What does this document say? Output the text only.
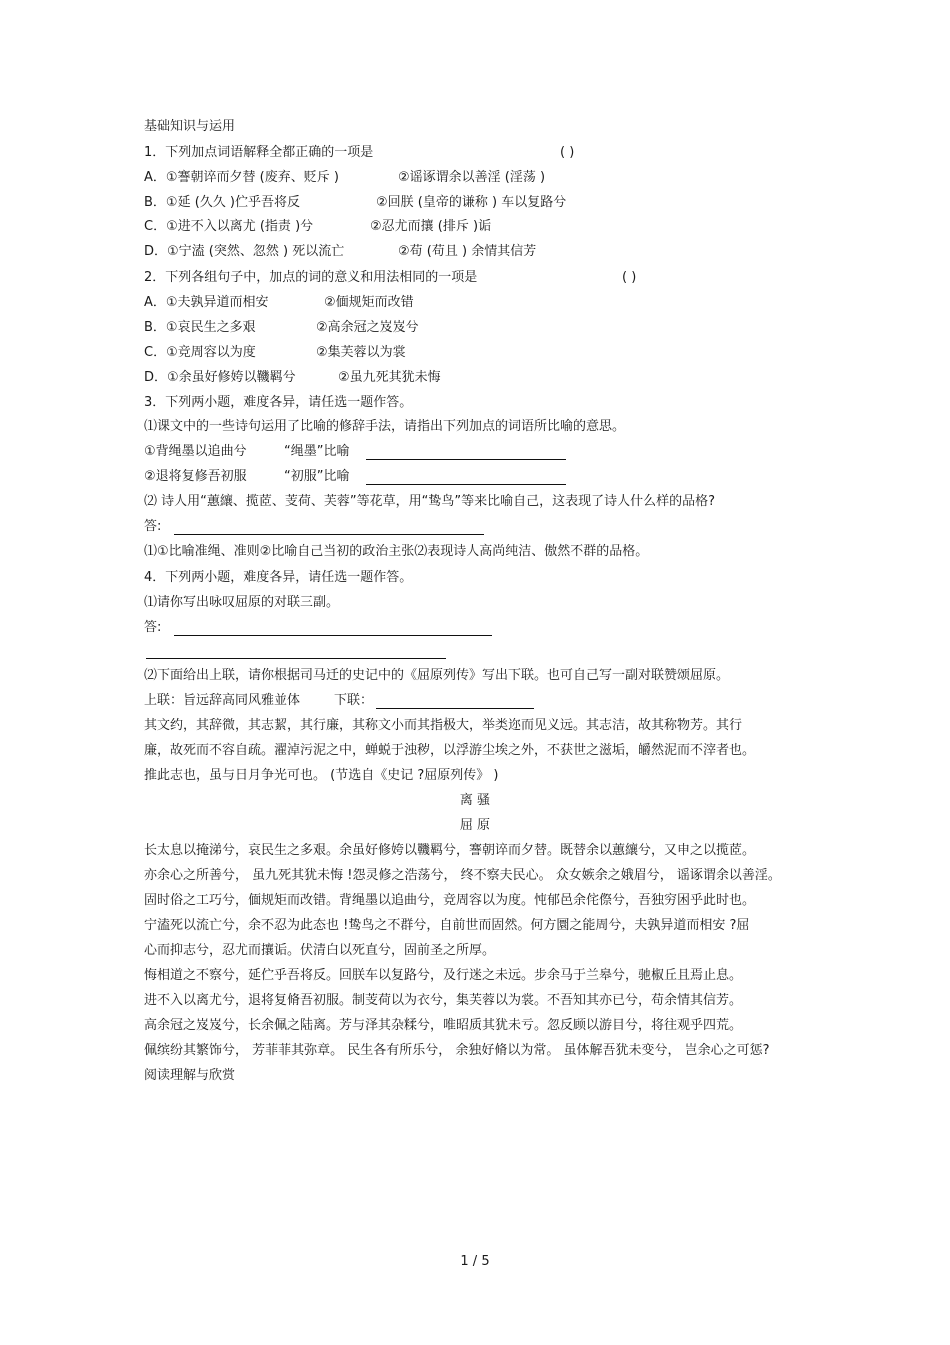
基础知识与运用
1．下列加点词语解释全都正确的一项是	( )
A．①謇朝谇而夕替 (废弃、贬斥 )	②谣诼谓余以善淫 (淫荡 )
B．①延 (久久 )伫乎吾将反	②回朕 (皇帝的谦称 ) 车以复路兮
C．①进不入以离尤 (指责 )兮	②忍尤而攘 (排斥 )诟
D．①宁溘 (突然、忽然 ) 死以流亡	②苟 (苟且 ) 余情其信芳
2．下列各组句子中，加点的词的意义和用法相同的一项是	( )
A．①夫孰异道而相安	②偭规矩而改错
B．①哀民生之多艰	②高余冠之岌岌兮
C．①竞周容以为度	②集芙蓉以为裳
D．①余虽好修姱以鞿羁兮	②虽九死其犹未悔
3．下列两小题，难度各异，请任选一题作答。
⑴课文中的一些诗句运用了比喻的修辞手法，请指出下列加点的词语所比喻的意思。
①背绳墨以追曲兮	“绳墨”比喻
②退将复修吾初服	“初服”比喻
⑵ 诗人用“蕙纕、揽茝、芰荷、芙蓉”等花草，用“鸷鸟”等来比喻自己，这表现了诗人什么样的品格?
答:
⑴①比喻准绳、准则②比喻自己当初的政治主张⑵表现诗人高尚纯洁、傲然不群的品格。
4．下列两小题，难度各异，请任选一题作答。
⑴请你写出咏叹屈原的对联三副。
答:
⑵下面给出上联，请你根据司马迁的史记中的《屈原列传》写出下联。也可自己写一副对联赞颂屈原。
上联：旨远辞高同风雅並体	下联：
其文约，其辞微，其志絜，其行廉，其称文小而其指极大，举类迩而见义远。其志洁，故其称物芳。其行
廉，故死而不容自疏。濯淖污泥之中，蝉蜕于浊秽，以浮游尘埃之外，不获世之滋垢，皭然泥而不滓者也。
推此志也，虽与日月争光可也。 (节选自《史记 ?屈原列传》 )
离 骚
屈 原
长太息以掩涕兮，哀民生之多艰。余虽好修姱以鞿羁兮，謇朝谇而夕替。既替余以蕙纕兮，又申之以揽茝。
亦余心之所善兮， 虽九死其犹未悔 !怨灵修之浩荡兮， 终不察夫民心。 众女嫉余之娥眉兮， 谣诼谓余以善淫。
固时俗之工巧兮，偭规矩而改错。背绳墨以追曲兮，竞周容以为度。忳郁邑余侘傺兮，吾独穷困乎此时也。
宁溘死以流亡兮，余不忍为此态也 !鸷鸟之不群兮，自前世而固然。何方圜之能周兮，夫孰异道而相安 ?屈
心而抑志兮，忍尤而攘诟。伏清白以死直兮，固前圣之所厚。
悔相道之不察兮，延伫乎吾将反。回朕车以复路兮，及行迷之未远。步余马于兰皋兮，驰椒丘且焉止息。
进不入以离尤兮，退将复脩吾初服。制芰荷以为衣兮，集芙蓉以为裳。不吾知其亦已兮，苟余情其信芳。
高余冠之岌岌兮，长余佩之陆离。芳与泽其杂糅兮，唯昭质其犹未亏。忽反顾以游目兮，将往观乎四荒。
佩缤纷其繁饰兮， 芳菲菲其弥章。 民生各有所乐兮， 余独好脩以为常。 虽体解吾犹未变兮， 岂余心之可惩?
阅读理解与欣赏
1 / 5
